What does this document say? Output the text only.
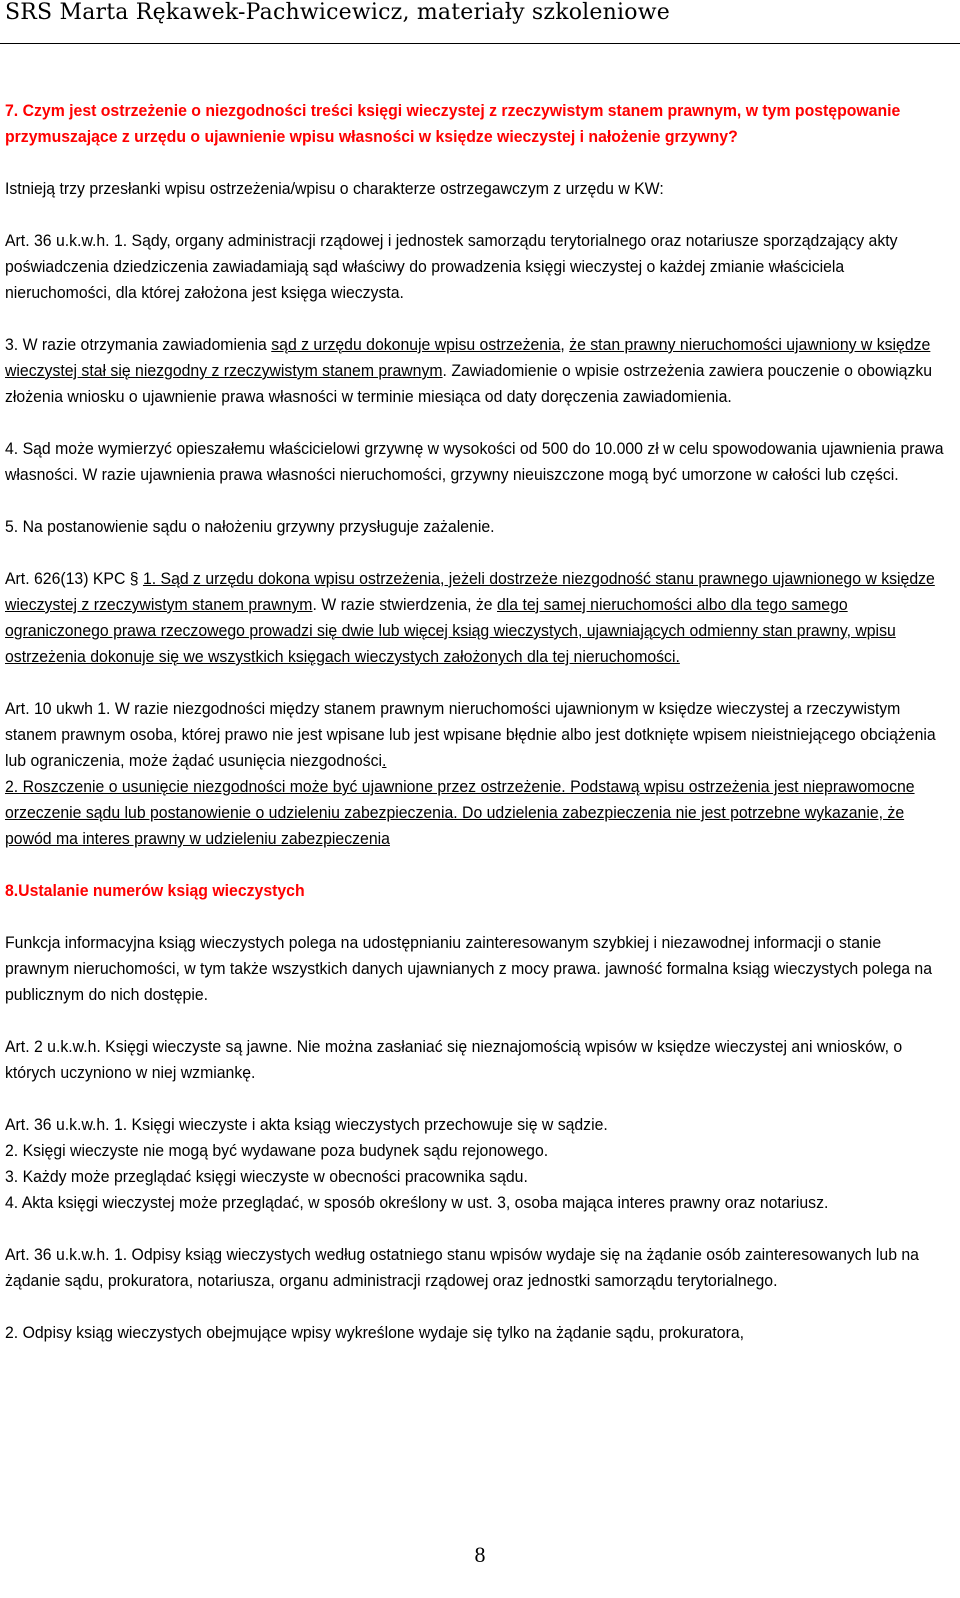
SRS Marta Rękawek-Pachwicewicz, materiały szkoleniowe

7. Czym jest ostrzeżenie o niezgodności treści księgi wieczystej z rzeczywistym stanem prawnym, w tym postępowanie przymuszające z urzędu o ujawnienie wpisu własności w księdze wieczystej i nałożenie grzywny?

Istnieją trzy przesłanki wpisu ostrzeżenia/wpisu o charakterze ostrzegawczym z urzędu w KW:

Art. 36 u.k.w.h. 1. Sądy, organy administracji rządowej i jednostek samorządu terytorialnego oraz notariusze sporządzający akty poświadczenia dziedziczenia zawiadamiają sąd właściwy do prowadzenia księgi wieczystej o każdej zmianie właściciela nieruchomości, dla której założona jest księga wieczysta.

3. W razie otrzymania zawiadomienia sąd z urzędu dokonuje wpisu ostrzeżenia, że stan prawny nieruchomości ujawniony w księdze wieczystej stał się niezgodny z rzeczywistym stanem prawnym. Zawiadomienie o wpisie ostrzeżenia zawiera pouczenie o obowiązku złożenia wniosku o ujawnienie prawa własności w terminie miesiąca od daty doręczenia zawiadomienia.

4. Sąd może wymierzyć opieszałemu właścicielowi grzywnę w wysokości od 500 do 10.000 zł w celu spowodowania ujawnienia prawa własności. W razie ujawnienia prawa własności nieruchomości, grzywny nieuiszczone mogą być umorzone w całości lub części.

5. Na postanowienie sądu o nałożeniu grzywny przysługuje zażalenie.

Art. 626(13) KPC § 1. Sąd z urzędu dokona wpisu ostrzeżenia, jeżeli dostrzeże niezgodność stanu prawnego ujawnionego w księdze wieczystej z rzeczywistym stanem prawnym. W razie stwierdzenia, że dla tej samej nieruchomości albo dla tego samego ograniczonego prawa rzeczowego prowadzi się dwie lub więcej ksiąg wieczystych, ujawniających odmienny stan prawny, wpisu ostrzeżenia dokonuje się we wszystkich księgach wieczystych założonych dla tej nieruchomości.

Art. 10 ukwh 1. W razie niezgodności między stanem prawnym nieruchomości ujawnionym w księdze wieczystej a rzeczywistym stanem prawnym osoba, której prawo nie jest wpisane lub jest wpisane błędnie albo jest dotknięte wpisem nieistniejącego obciążenia lub ograniczenia, może żądać usunięcia niezgodności.

2. Roszczenie o usunięcie niezgodności może być ujawnione przez ostrzeżenie. Podstawą wpisu ostrzeżenia jest nieprawomocne orzeczenie sądu lub postanowienie o udzieleniu zabezpieczenia. Do udzielenia zabezpieczenia nie jest potrzebne wykazanie, że powód ma interes prawny w udzieleniu zabezpieczenia

8.Ustalanie numerów ksiąg wieczystych

Funkcja informacyjna ksiąg wieczystych polega na udostępnianiu zainteresowanym szybkiej i niezawodnej informacji o stanie prawnym nieruchomości, w tym także wszystkich danych ujawnianych z mocy prawa. jawność formalna ksiąg wieczystych polega na publicznym do nich dostępie.

Art. 2 u.k.w.h. Księgi wieczyste są jawne. Nie można zasłaniać się nieznajomością wpisów w księdze wieczystej ani wniosków, o których uczyniono w niej wzmiankę.

Art. 36 u.k.w.h. 1. Księgi wieczyste i akta ksiąg wieczystych przechowuje się w sądzie.
2. Księgi wieczyste nie mogą być wydawane poza budynek sądu rejonowego.
3. Każdy może przeglądać księgi wieczyste w obecności pracownika sądu.
4. Akta księgi wieczystej może przeglądać, w sposób określony w ust. 3, osoba mająca interes prawny oraz notariusz.

Art. 36 u.k.w.h. 1. Odpisy ksiąg wieczystych według ostatniego stanu wpisów wydaje się na żądanie osób zainteresowanych lub na żądanie sądu, prokuratora, notariusza, organu administracji rządowej oraz jednostki samorządu terytorialnego.

2. Odpisy ksiąg wieczystych obejmujące wpisy wykreślone wydaje się tylko na żądanie sądu, prokuratora,

8
